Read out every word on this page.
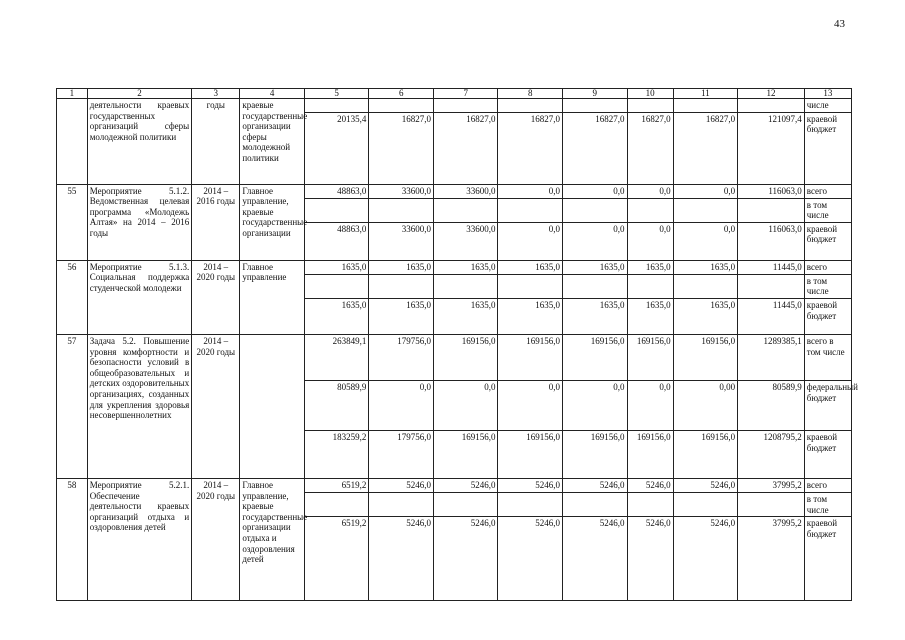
43
1	2	3	4	5	6	7	8	9	10	11	12	13
	деятельности краевых государственных организаций сферы молодежной политики	годы	краевые государственные организации сферы молодежной политики									числе
				20135,4	16827,0	16827,0	16827,0	16827,0	16827,0	16827,0	121097,4	краевой бюджет
55	Мероприятие 5.1.2. Ведомственная целевая программа «Молодежь Алтая» на 2014 – 2016 годы	2014 – 2016 годы	Главное управление, краевые государственные организации	48863,0	33600,0	33600,0	0,0	0,0	0,0	0,0	116063,0	всего
												в том числе
				48863,0	33600,0	33600,0	0,0	0,0	0,0	0,0	116063,0	краевой бюджет
56	Мероприятие 5.1.3. Социальная поддержка студенческой молодежи	2014 – 2020 годы	Главное управление	1635,0	1635,0	1635,0	1635,0	1635,0	1635,0	1635,0	11445,0	всего
												в том числе
				1635,0	1635,0	1635,0	1635,0	1635,0	1635,0	1635,0	11445,0	краевой бюджет
57	Задача 5.2. Повышение уровня комфортности и безопасности условий в общеобразовательных и детских оздоровительных организациях, созданных для укрепления здоровья несовершеннолетних	2014 – 2020 годы		263849,1	179756,0	169156,0	169156,0	169156,0	169156,0	169156,0	1289385,1	всего в том числе
				80589,9	0,0	0,0	0,0	0,0	0,0	0,00	80589,9	федеральный бюджет
				183259,2	179756,0	169156,0	169156,0	169156,0	169156,0	169156,0	1208795,2	краевой бюджет
58	Мероприятие 5.2.1. Обеспечение деятельности краевых организаций отдыха и оздоровления детей	2014 – 2020 годы	Главное управление, краевые государственные организации отдыха и оздоровления детей	6519,2	5246,0	5246,0	5246,0	5246,0	5246,0	5246,0	37995,2	всего
												в том числе
				6519,2	5246,0	5246,0	5246,0	5246,0	5246,0	5246,0	37995,2	краевой бюджет
